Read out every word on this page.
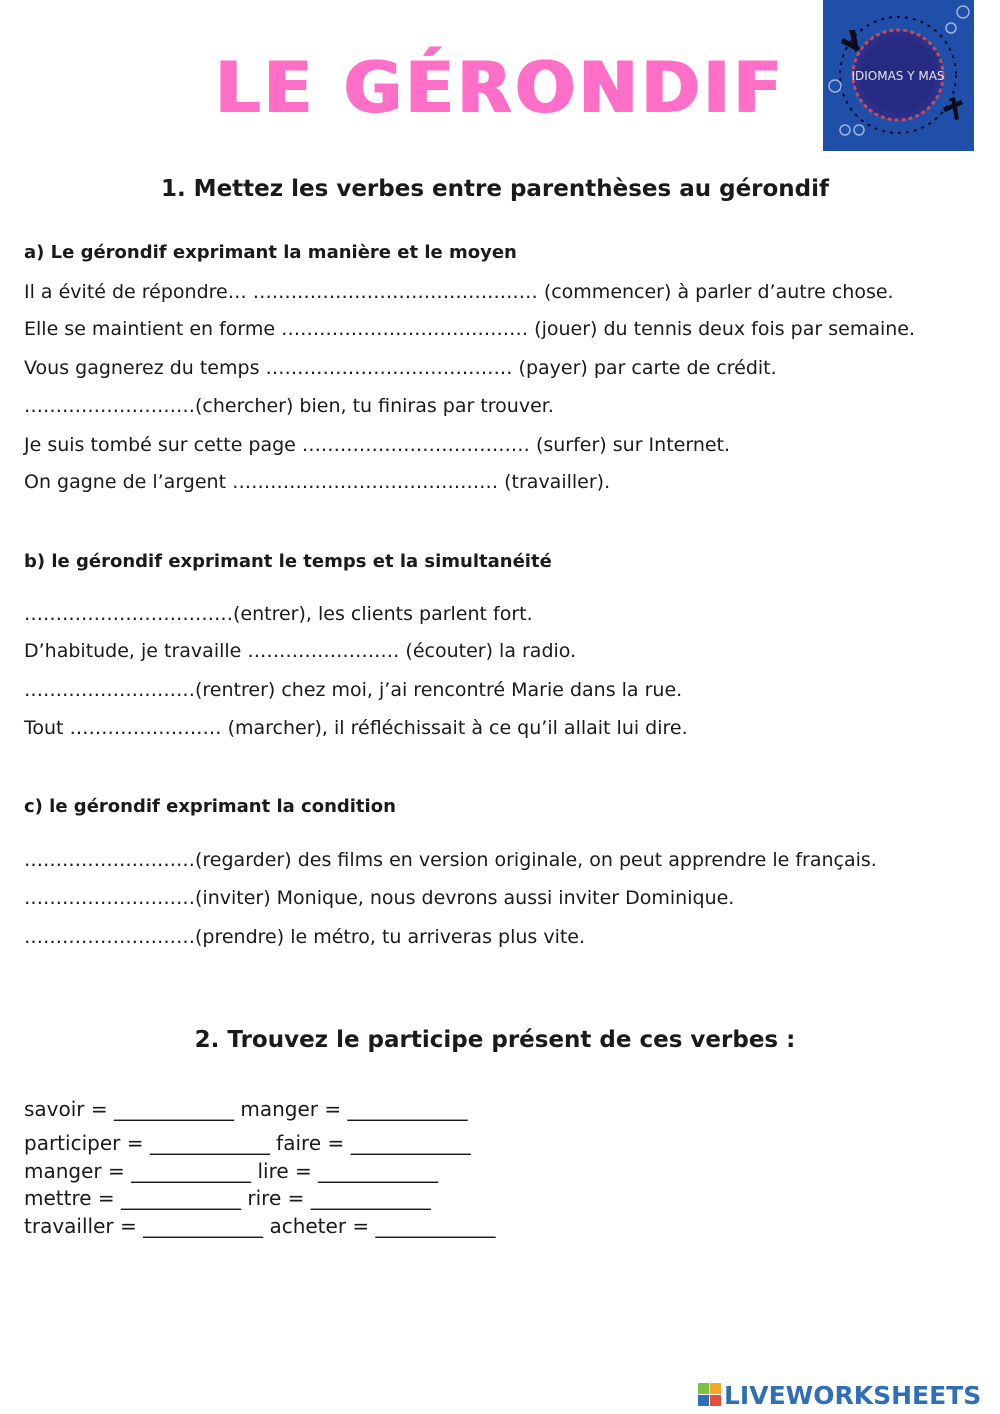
LE GÉRONDIF	IDIOMAS Y MAS
1. Mettez les verbes entre parenthèses au gérondif
a) Le gérondif exprimant la manière et le moyen
Il a évité de répondre… ……………………………………… (commencer) à parler d’autre chose.
Elle se maintient en forme ………………………………… (jouer) du tennis deux fois par semaine.
Vous gagnerez du temps ………………………………… (payer) par carte de crédit.
………………………(chercher) bien, tu finiras par trouver.
Je suis tombé sur cette page ……………………………… (surfer) sur Internet.
On gagne de l’argent …………………………………… (travailler).
b) le gérondif exprimant le temps et la simultanéité
……………………………(entrer), les clients parlent fort.
D’habitude, je travaille …………………… (écouter) la radio.
………………………(rentrer) chez moi, j’ai rencontré Marie dans la rue.
Tout …………………… (marcher), il réfléchissait à ce qu’il allait lui dire.
c) le gérondif exprimant la condition
………………………(regarder) des films en version originale, on peut apprendre le français.
………………………(inviter) Monique, nous devrons aussi inviter Dominique.
………………………(prendre) le métro, tu arriveras plus vite.
2. Trouvez le participe présent de ces verbes :
savoir = ____________ manger = ____________
participer = ____________ faire = ____________
manger = ____________ lire = ____________
mettre = ____________ rire = ____________
travailler = ____________ acheter = ____________
LIVEWORKSHEETS
